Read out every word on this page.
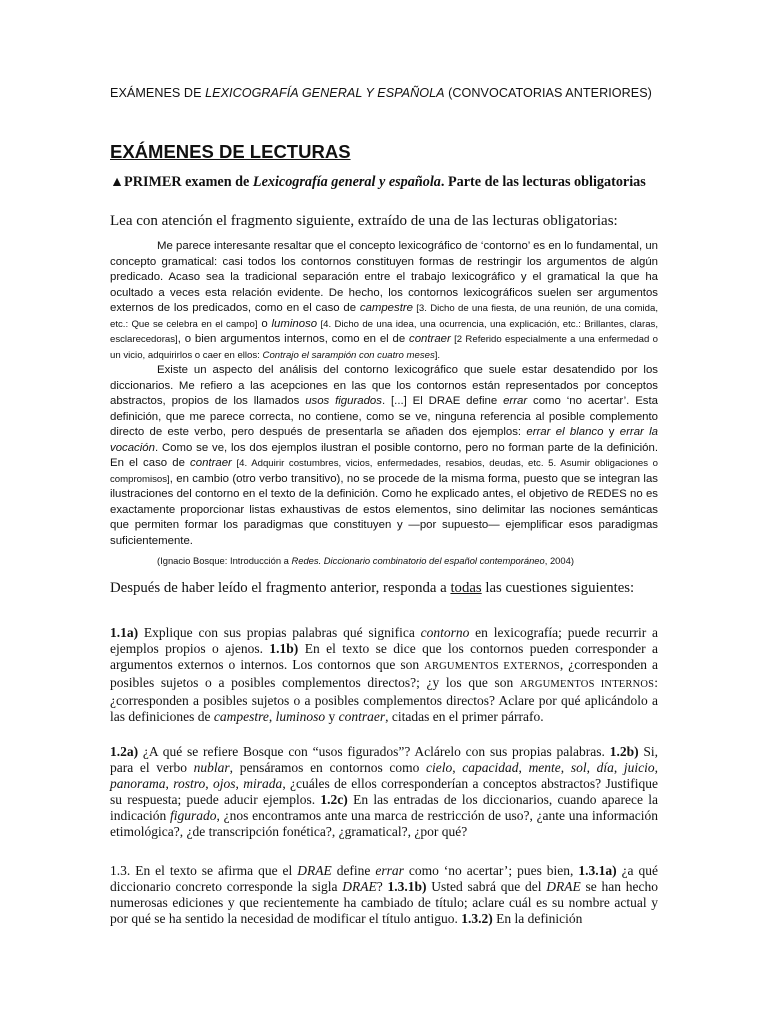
EXÁMENES DE LEXICOGRAFÍA GENERAL Y ESPAÑOLA (CONVOCATORIAS ANTERIORES)
EXÁMENES DE LECTURAS
▲PRIMER examen de Lexicografía general y española. Parte de las lecturas obligatorias
Lea con atención el fragmento siguiente, extraído de una de las lecturas obligatorias:

Me parece interesante resaltar que el concepto lexicográfico de ‘contorno’ es en lo fundamental, un concepto gramatical: casi todos los contornos constituyen formas de restringir los argumentos de algún predicado. Acaso sea la tradicional separación entre el trabajo lexicográfico y el gramatical la que ha ocultado a veces esta relación evidente. De hecho, los contornos lexicográficos suelen ser argumentos externos de los predicados, como en el caso de campestre [3. Dicho de una fiesta, de una reunión, de una comida, etc.: Que se celebra en el campo] o luminoso [4. Dicho de una idea, una ocurrencia, una explicación, etc.: Brillantes, claras, esclarecedoras], o bien argumentos internos, como en el de contraer [2 Referido especialmente a una enfermedad o un vicio, adquirirlos o caer en ellos: Contrajo el sarampión con cuatro meses].

Existe un aspecto del análisis del contorno lexicográfico que suele estar desatendido por los diccionarios. Me refiero a las acepciones en las que los contornos están representados por conceptos abstractos, propios de los llamados usos figurados. [...] El DRAE define errar como ‘no acertar’. Esta definición, que me parece correcta, no contiene, como se ve, ninguna referencia al posible complemento directo de este verbo, pero después de presentarla se añaden dos ejemplos: errar el blanco y errar la vocación. Como se ve, los dos ejemplos ilustran el posible contorno, pero no forman parte de la definición. En el caso de contraer [4. Adquirir costumbres, vicios, enfermedades, resabios, deudas, etc. 5. Asumir obligaciones o compromisos], en cambio (otro verbo transitivo), no se procede de la misma forma, puesto que se integran las ilustraciones del contorno en el texto de la definición. Como he explicado antes, el objetivo de REDES no es exactamente proporcionar listas exhaustivas de estos elementos, sino delimitar las nociones semánticas que permiten formar los paradigmas que constituyen y —por supuesto— ejemplificar esos paradigmas suficientemente.

(Ignacio Bosque: Introducción a Redes. Diccionario combinatorio del español contemporáneo, 2004)
Después de haber leído el fragmento anterior, responda a todas las cuestiones siguientes:
1.1a) Explique con sus propias palabras qué significa contorno en lexicografía; puede recurrir a ejemplos propios o ajenos. 1.1b) En el texto se dice que los contornos pueden corresponder a argumentos externos o internos. Los contornos que son ARGUMENTOS EXTERNOS, ¿corresponden a posibles sujetos o a posibles complementos directos?; ¿y los que son ARGUMENTOS INTERNOS: ¿corresponden a posibles sujetos o a posibles complementos directos? Aclare por qué aplicándolo a las definiciones de campestre, luminoso y contraer, citadas en el primer párrafo.
1.2a) ¿A qué se refiere Bosque con “usos figurados”? Aclárelo con sus propias palabras. 1.2b) Si, para el verbo nublar, pensáramos en contornos como cielo, capacidad, mente, sol, día, juicio, panorama, rostro, ojos, mirada, ¿cuáles de ellos corresponderían a conceptos abstractos? Justifique su respuesta; puede aducir ejemplos. 1.2c) En las entradas de los diccionarios, cuando aparece la indicación figurado, ¿nos encontramos ante una marca de restricción de uso?, ¿ante una información etimológica?, ¿de transcripción fonética?, ¿gramatical?, ¿por qué?
1.3. En el texto se afirma que el DRAE define errar como ‘no acertar’; pues bien, 1.3.1a) ¿a qué diccionario concreto corresponde la sigla DRAE? 1.3.1b) Usted sabrá que del DRAE se han hecho numerosas ediciones y que recientemente ha cambiado de título; aclare cuál es su nombre actual y por qué se ha sentido la necesidad de modificar el título antiguo. 1.3.2) En la definición
